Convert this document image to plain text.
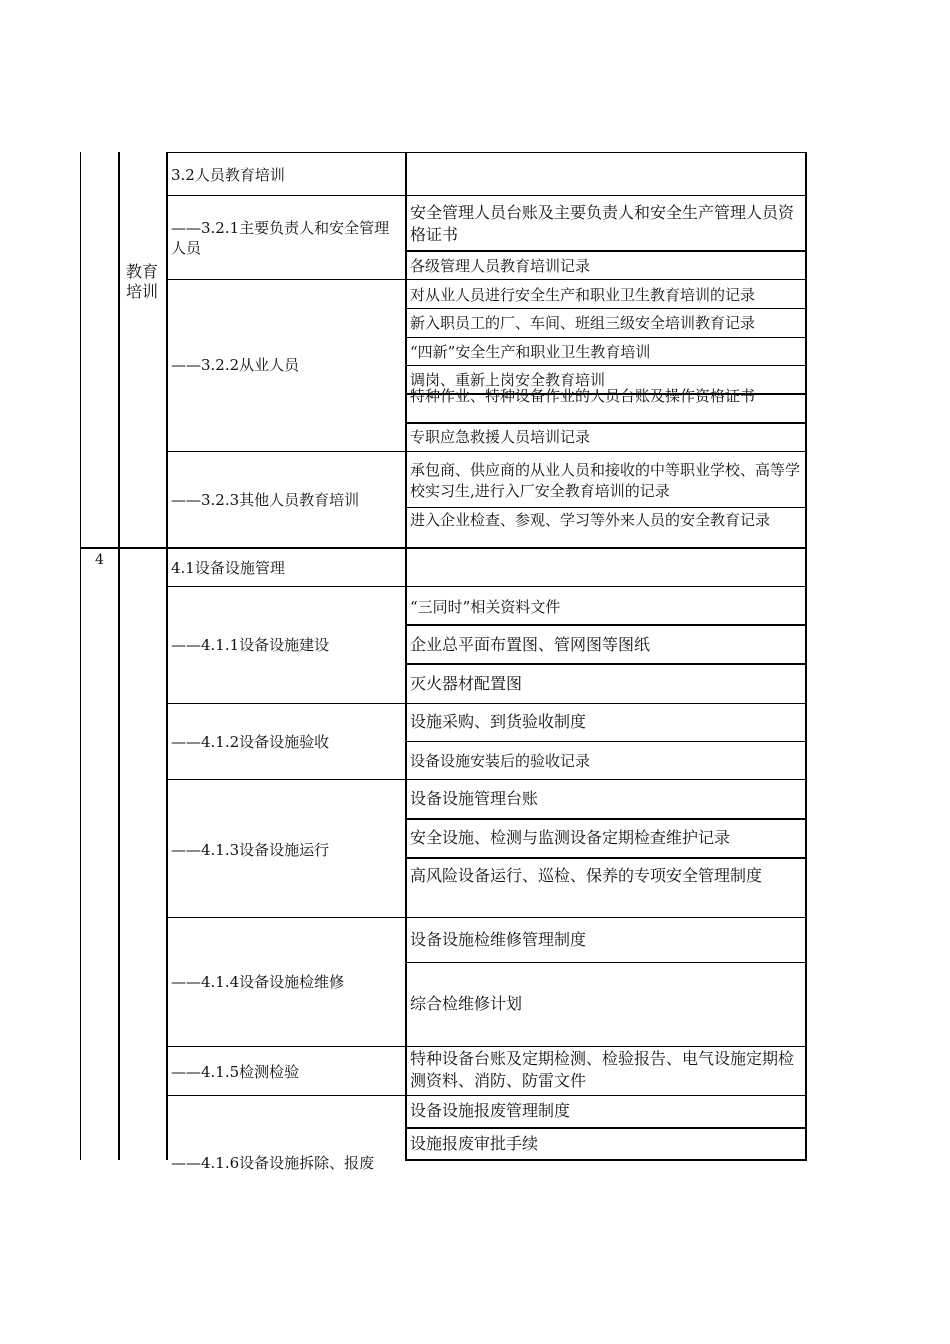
教育培训
3.2人员教育培训
——3.2.1主要负责人和安全管理人员
安全管理人员台账及主要负责人和安全生产管理人员资格证书
各级管理人员教育培训记录
——3.2.2从业人员
对从业人员进行安全生产和职业卫生教育培训的记录
新入职员工的厂、车间、班组三级安全培训教育记录
“四新”安全生产和职业卫生教育培训
调岗、重新上岗安全教育培训
特种作业、特种设备作业的人员台账及操作资格证书
专职应急救援人员培训记录
——3.2.3其他人员教育培训
承包商、供应商的从业人员和接收的中等职业学校、高等学校实习生,进行入厂安全教育培训的记录
进入企业检查、参观、学习等外来人员的安全教育记录
4	4.1设备设施管理
——4.1.1设备设施建设
“三同时”相关资料文件
企业总平面布置图、管网图等图纸
灭火器材配置图
——4.1.2设备设施验收
设施采购、到货验收制度
设备设施安装后的验收记录
——4.1.3设备设施运行
设备设施管理台账
安全设施、检测与监测设备定期检查维护记录
高风险设备运行、巡检、保养的专项安全管理制度
——4.1.4设备设施检维修
设备设施检维修管理制度
综合检维修计划
——4.1.5检测检验
特种设备台账及定期检测、检验报告、电气设施定期检测资料、消防、防雷文件
——4.1.6设备设施拆除、报废
设备设施报废管理制度
设施报废审批手续
